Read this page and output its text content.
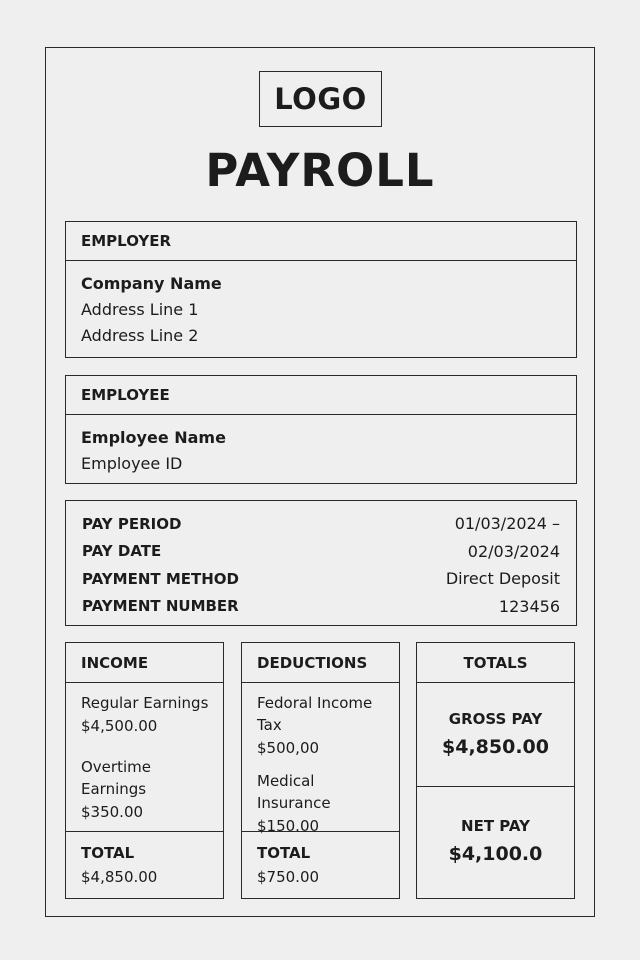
LOGO
PAYROLL
EMPLOYER
Company Name
Address Line 1
Address Line 2
EMPLOYEE
Employee Name
Employee ID
PAY PERIOD	01/03/2024 –
PAY DATE	02/03/2024
PAYMENT METHOD	Direct Deposit
PAYMENT NUMBER	123456
INCOME
Regular Earnings
$4,500.00
Overtime Earnings
$350.00
TOTAL
$4,850.00
DEDUCTIONS
Fedoral Income Tax
$500,00
Medical Insurance
$150.00
TOTAL
$750.00
TOTALS
GROSS PAY
$4,850.00
NET PAY
$4,100.0
